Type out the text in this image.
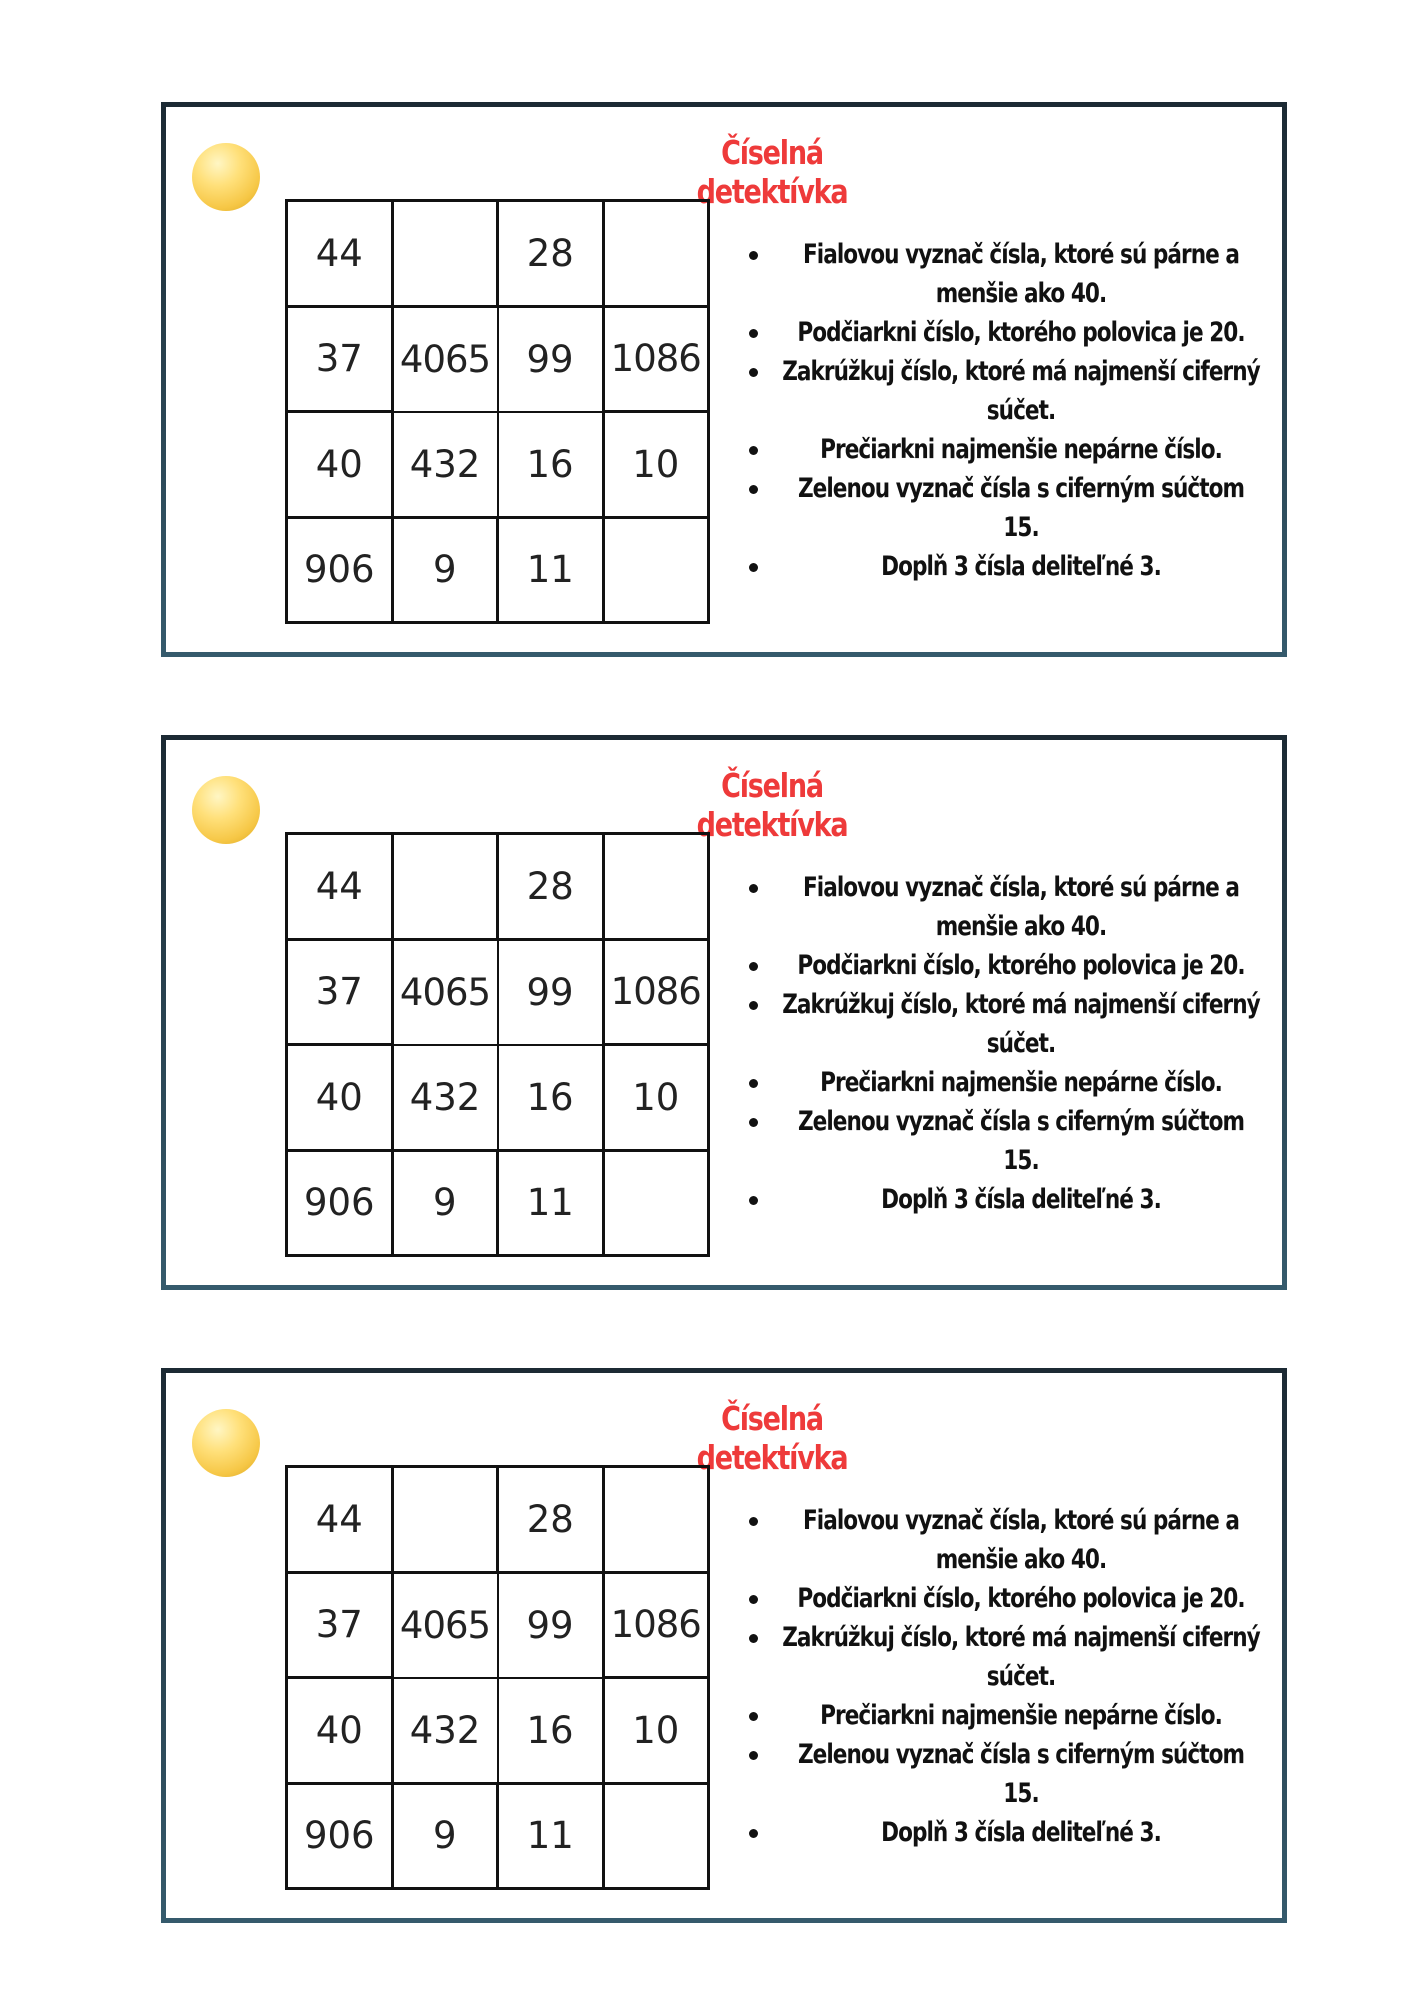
Číselná detektívka
44		28	
37	4065	99	1086
40	432	16	10
906	9	11	
Fialovou vyznač čísla, ktoré sú párne a menšie ako 40.
Podčiarkni číslo, ktorého polovica je 20.
Zakrúžkuj číslo, ktoré má najmenší ciferný súčet.
Prečiarkni najmenšie nepárne číslo.
Zelenou vyznač čísla s ciferným súčtom 15.
Doplň 3 čísla deliteľné 3.
Číselná detektívka
44		28	
37	4065	99	1086
40	432	16	10
906	9	11	
Fialovou vyznač čísla, ktoré sú párne a menšie ako 40.
Podčiarkni číslo, ktorého polovica je 20.
Zakrúžkuj číslo, ktoré má najmenší ciferný súčet.
Prečiarkni najmenšie nepárne číslo.
Zelenou vyznač čísla s ciferným súčtom 15.
Doplň 3 čísla deliteľné 3.
Číselná detektívka
44		28	
37	4065	99	1086
40	432	16	10
906	9	11	
Fialovou vyznač čísla, ktoré sú párne a menšie ako 40.
Podčiarkni číslo, ktorého polovica je 20.
Zakrúžkuj číslo, ktoré má najmenší ciferný súčet.
Prečiarkni najmenšie nepárne číslo.
Zelenou vyznač čísla s ciferným súčtom 15.
Doplň 3 čísla deliteľné 3.
